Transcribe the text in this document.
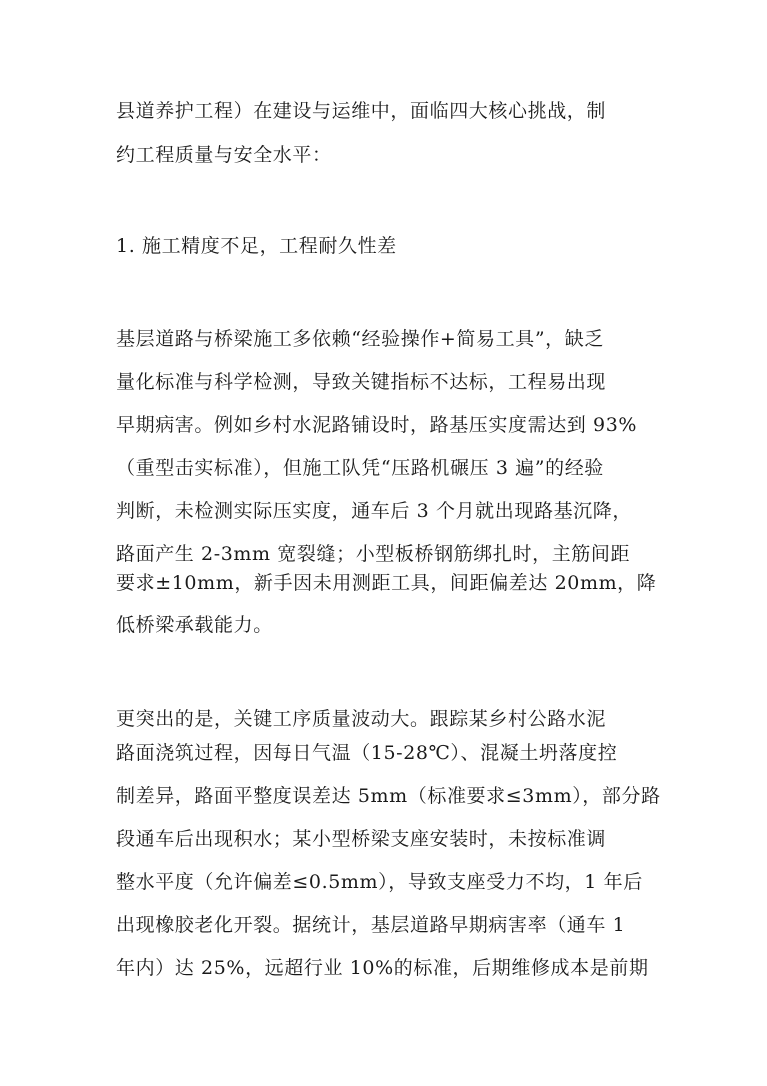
县道养护工程）在建设与运维中，面临四大核心挑战，制
约工程质量与安全水平：
1. 施工精度不足，工程耐久性差
基层道路与桥梁施工多依赖“经验操作+简易工具”，缺乏
量化标准与科学检测，导致关键指标不达标，工程易出现
早期病害。例如乡村水泥路铺设时，路基压实度需达到 93%
（重型击实标准），但施工队凭“压路机碾压 3 遍”的经验
判断，未检测实际压实度，通车后 3 个月就出现路基沉降，
路面产生 2-3mm 宽裂缝；小型板桥钢筋绑扎时，主筋间距
要求±10mm，新手因未用测距工具，间距偏差达 20mm，降
低桥梁承载能力。
更突出的是，关键工序质量波动大。跟踪某乡村公路水泥
路面浇筑过程，因每日气温（15-28℃）、混凝土坍落度控
制差异，路面平整度误差达 5mm（标准要求≤3mm），部分路
段通车后出现积水；某小型桥梁支座安装时，未按标准调
整水平度（允许偏差≤0.5mm），导致支座受力不均，1 年后
出现橡胶老化开裂。据统计，基层道路早期病害率（通车 1
年内）达 25%，远超行业 10%的标准，后期维修成本是前期
